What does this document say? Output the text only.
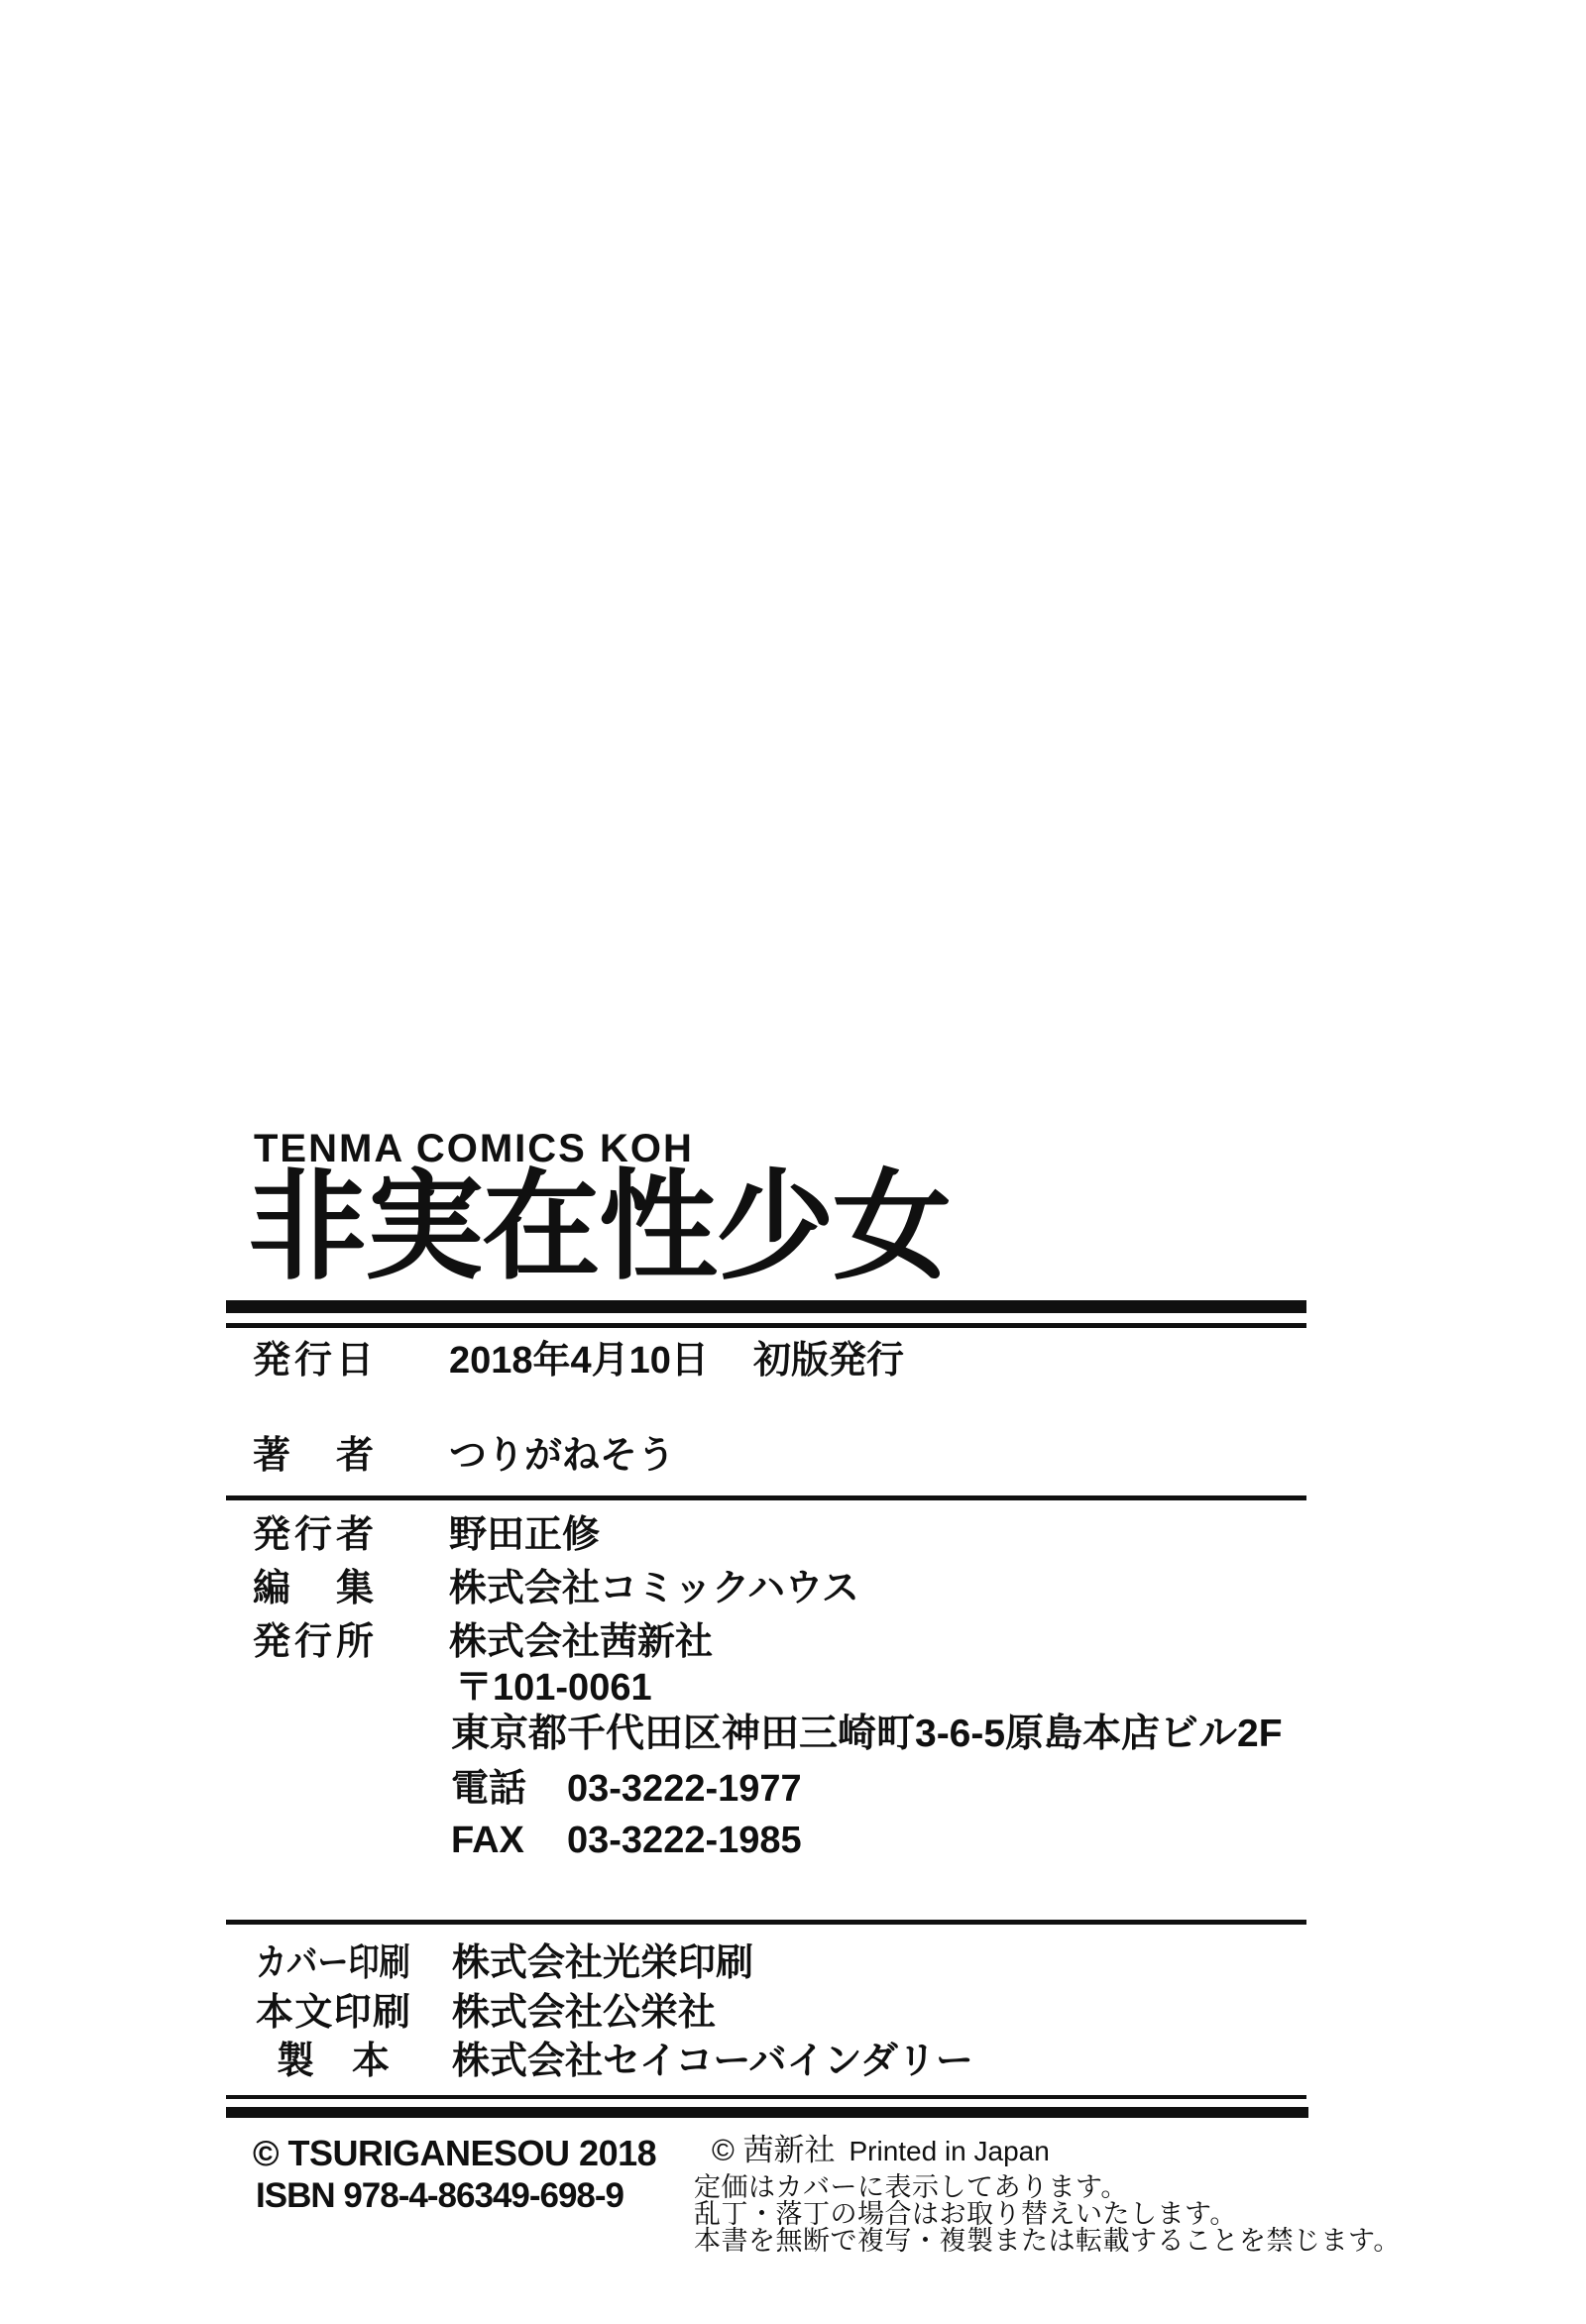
TENMA COMICS KOH
非実在性少女
発行日 2018年4月10日 初版発行
著　者 つりがねそう
発行者 野田正修
編　集 株式会社コミックハウス
発行所 株式会社茜新社
〒101-0061
東京都千代田区神田三崎町3-6-5原島本店ビル2F
電話 03-3222-1977
FAX 03-3222-1985
カバー印刷 株式会社光栄印刷
本文印刷 株式会社公栄社
製　本 株式会社セイコーバインダリー
© TSURIGANESOU 2018
ISBN 978-4-86349-698-9
© 茜新社 Printed in Japan
定価はカバーに表示してあります。
乱丁・落丁の場合はお取り替えいたします。
本書を無断で複写・複製または転載することを禁じます。
